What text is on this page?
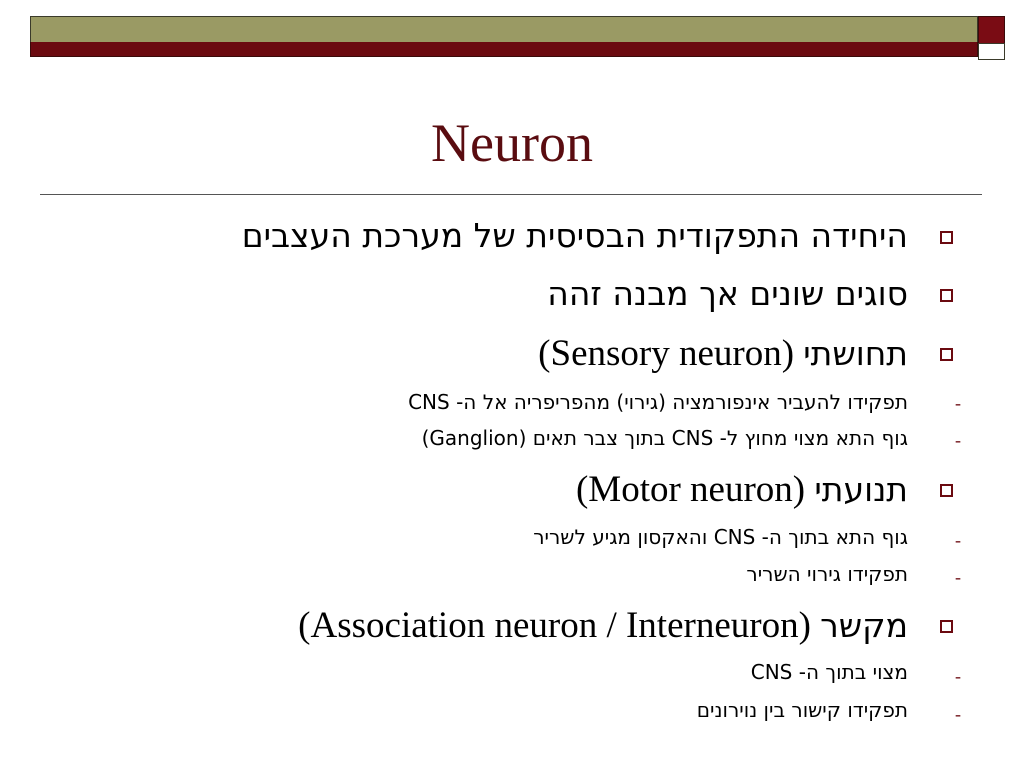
Neuron
היחידה התפקודית הבסיסית של מערכת העצבים
סוגים שונים אך מבנה זהה
תחושתי (Sensory neuron)
-
תפקידו להעביר אינפורמציה (גירוי) מהפריפריה אל ה- CNS
-
גוף התא מצוי מחוץ ל- CNS בתוך צבר תאים (Ganglion)
תנועתי (Motor neuron)
-
גוף התא בתוך ה- CNS והאקסון מגיע לשריר
-
תפקידו גירוי השריר
מקשר (Association neuron / Interneuron)
-
מצוי בתוך ה- CNS
-
תפקידו קישור בין נוירונים
